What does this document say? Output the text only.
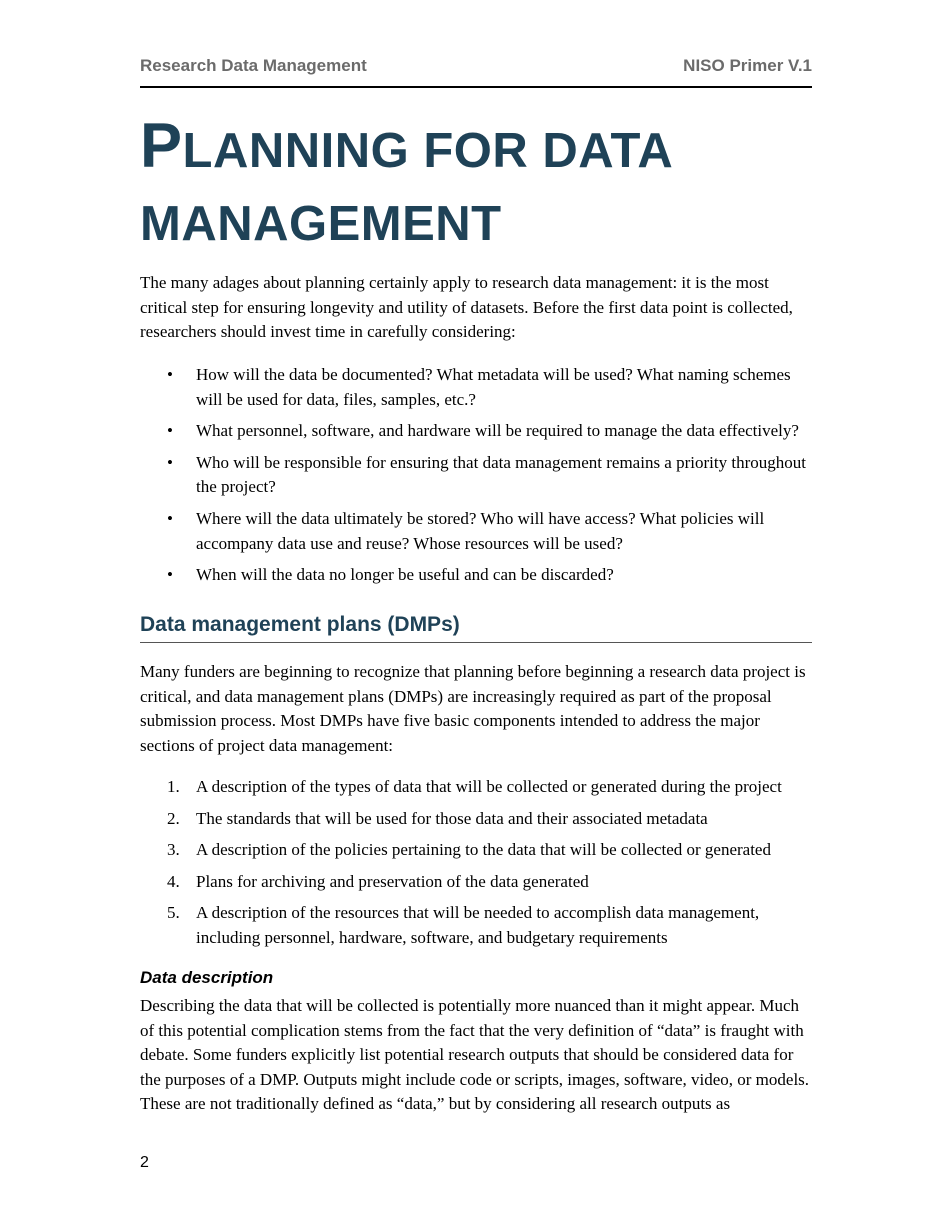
Research Data Management	NISO Primer V.1
PLANNING FOR DATA
MANAGEMENT

The many adages about planning certainly apply to research data management: it is the most critical step for ensuring longevity and utility of datasets. Before the first data point is collected, researchers should invest time in carefully considering:

• How will the data be documented? What metadata will be used? What naming schemes will be used for data, files, samples, etc.?
• What personnel, software, and hardware will be required to manage the data effectively?
• Who will be responsible for ensuring that data management remains a priority throughout the project?
• Where will the data ultimately be stored? Who will have access? What policies will accompany data use and reuse? Whose resources will be used?
• When will the data no longer be useful and can be discarded?
Data management plans (DMPs)

Many funders are beginning to recognize that planning before beginning a research data project is critical, and data management plans (DMPs) are increasingly required as part of the proposal submission process. Most DMPs have five basic components intended to address the major sections of project data management:

1. A description of the types of data that will be collected or generated during the project
2. The standards that will be used for those data and their associated metadata
3. A description of the policies pertaining to the data that will be collected or generated
4. Plans for archiving and preservation of the data generated
5. A description of the resources that will be needed to accomplish data management, including personnel, hardware, software, and budgetary requirements
Data description

Describing the data that will be collected is potentially more nuanced than it might appear. Much of this potential complication stems from the fact that the very definition of “data” is fraught with debate. Some funders explicitly list potential research outputs that should be considered data for the purposes of a DMP. Outputs might include code or scripts, images, software, video, or models. These are not traditionally defined as “data,” but by considering all research outputs as

2
